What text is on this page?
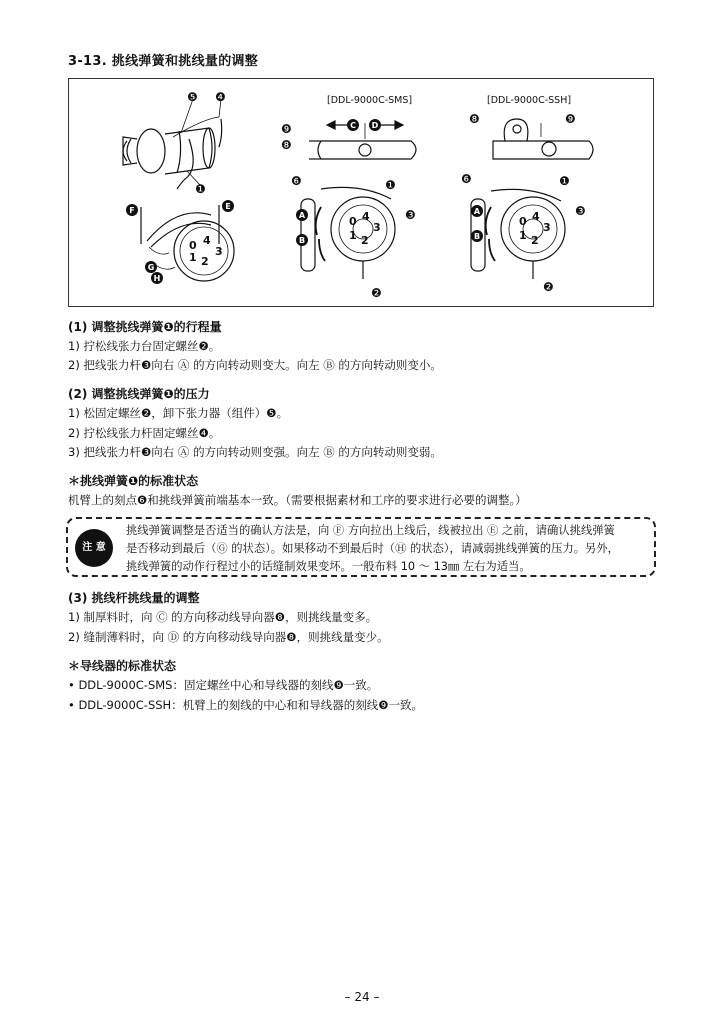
3-13. 挑线弹簧和挑线量的调整
[DDL-9000C-SMS]	[DDL-9000C-SSH]
0 4
3
2
1
0 4
3
2
1
0 4
3
2
1
❺ ❹
❶
❾
❽
❻	❶
❸
❷
❽	❾
❻	❶
❸
❷
F	E
G
H
C D
A
B
A
B
(1) 调整挑线弹簧❶的行程量
1) 拧松线张力台固定螺丝❷。
2) 把线张力杆❸向右 Ⓐ 的方向转动则变大。向左 Ⓑ 的方向转动则变小。
(2) 调整挑线弹簧❶的压力
1) 松固定螺丝❷，卸下张力器（组件）❺。
2) 拧松线张力杆固定螺丝❹。
3) 把线张力杆❸向右 Ⓐ 的方向转动则变强。向左 Ⓑ 的方向转动则变弱。
＊挑线弹簧❶的标准状态
机臂上的刻点❻和挑线弹簧前端基本一致。（需要根据素材和工序的要求进行必要的调整。）
注 意
挑线弹簧调整是否适当的确认方法是，向 Ⓕ 方向拉出上线后，线被拉出 Ⓔ 之前，请确认挑线弹簧
是否移动到最后（Ⓖ 的状态）。如果移动不到最后时（Ⓗ 的状态），请减弱挑线弹簧的压力。另外，
挑线弹簧的动作行程过小的话缝制效果变坏。一般布料 10 ～ 13㎜ 左右为适当。
(3) 挑线杆挑线量的调整
1) 制厚料时，向 Ⓒ 的方向移动线导向器❽，则挑线量变多。
2) 缝制薄料时，向 Ⓓ 的方向移动线导向器❽，则挑线量变少。
＊导线器的标准状态
• DDL-9000C-SMS：固定螺丝中心和导线器的刻线❾一致。
• DDL-9000C-SSH：机臂上的刻线的中心和和导线器的刻线❾一致。
– 24 –
